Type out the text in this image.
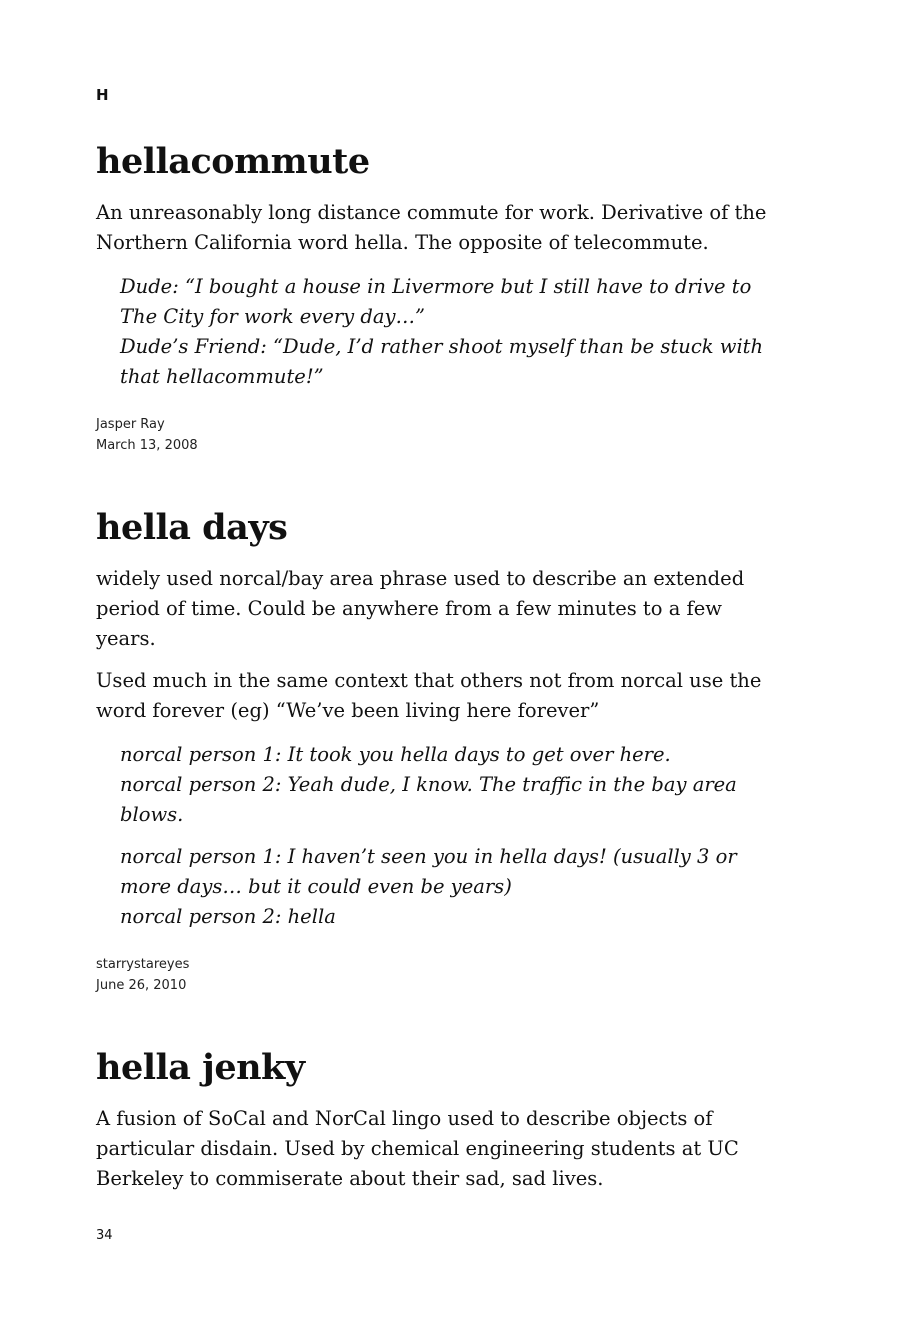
H
hellacommute

An unreasonably long distance commute for work. Derivative of the Northern California word hella. The opposite of telecommute.

Dude: “I bought a house in Livermore but I still have to drive to The City for work every day…”
Dude’s Friend: “Dude, I’d rather shoot myself than be stuck with that hellacommute!”
Jasper Ray
March 13, 2008
hella days

widely used norcal/bay area phrase used to describe an extended period of time. Could be anywhere from a few minutes to a few years.

Used much in the same context that others not from norcal use the word forever (eg) “We’ve been living here forever”

norcal person 1: It took you hella days to get over here.
norcal person 2: Yeah dude, I know. The traffic in the bay area blows.
norcal person 1: I haven’t seen you in hella days! (usually 3 or more days… but it could even be years)
norcal person 2: hella
starrystareyes
June 26, 2010
hella jenky

A fusion of SoCal and NorCal lingo used to describe objects of particular disdain. Used by chemical engineering students at UC Berkeley to commiserate about their sad, sad lives.

34
